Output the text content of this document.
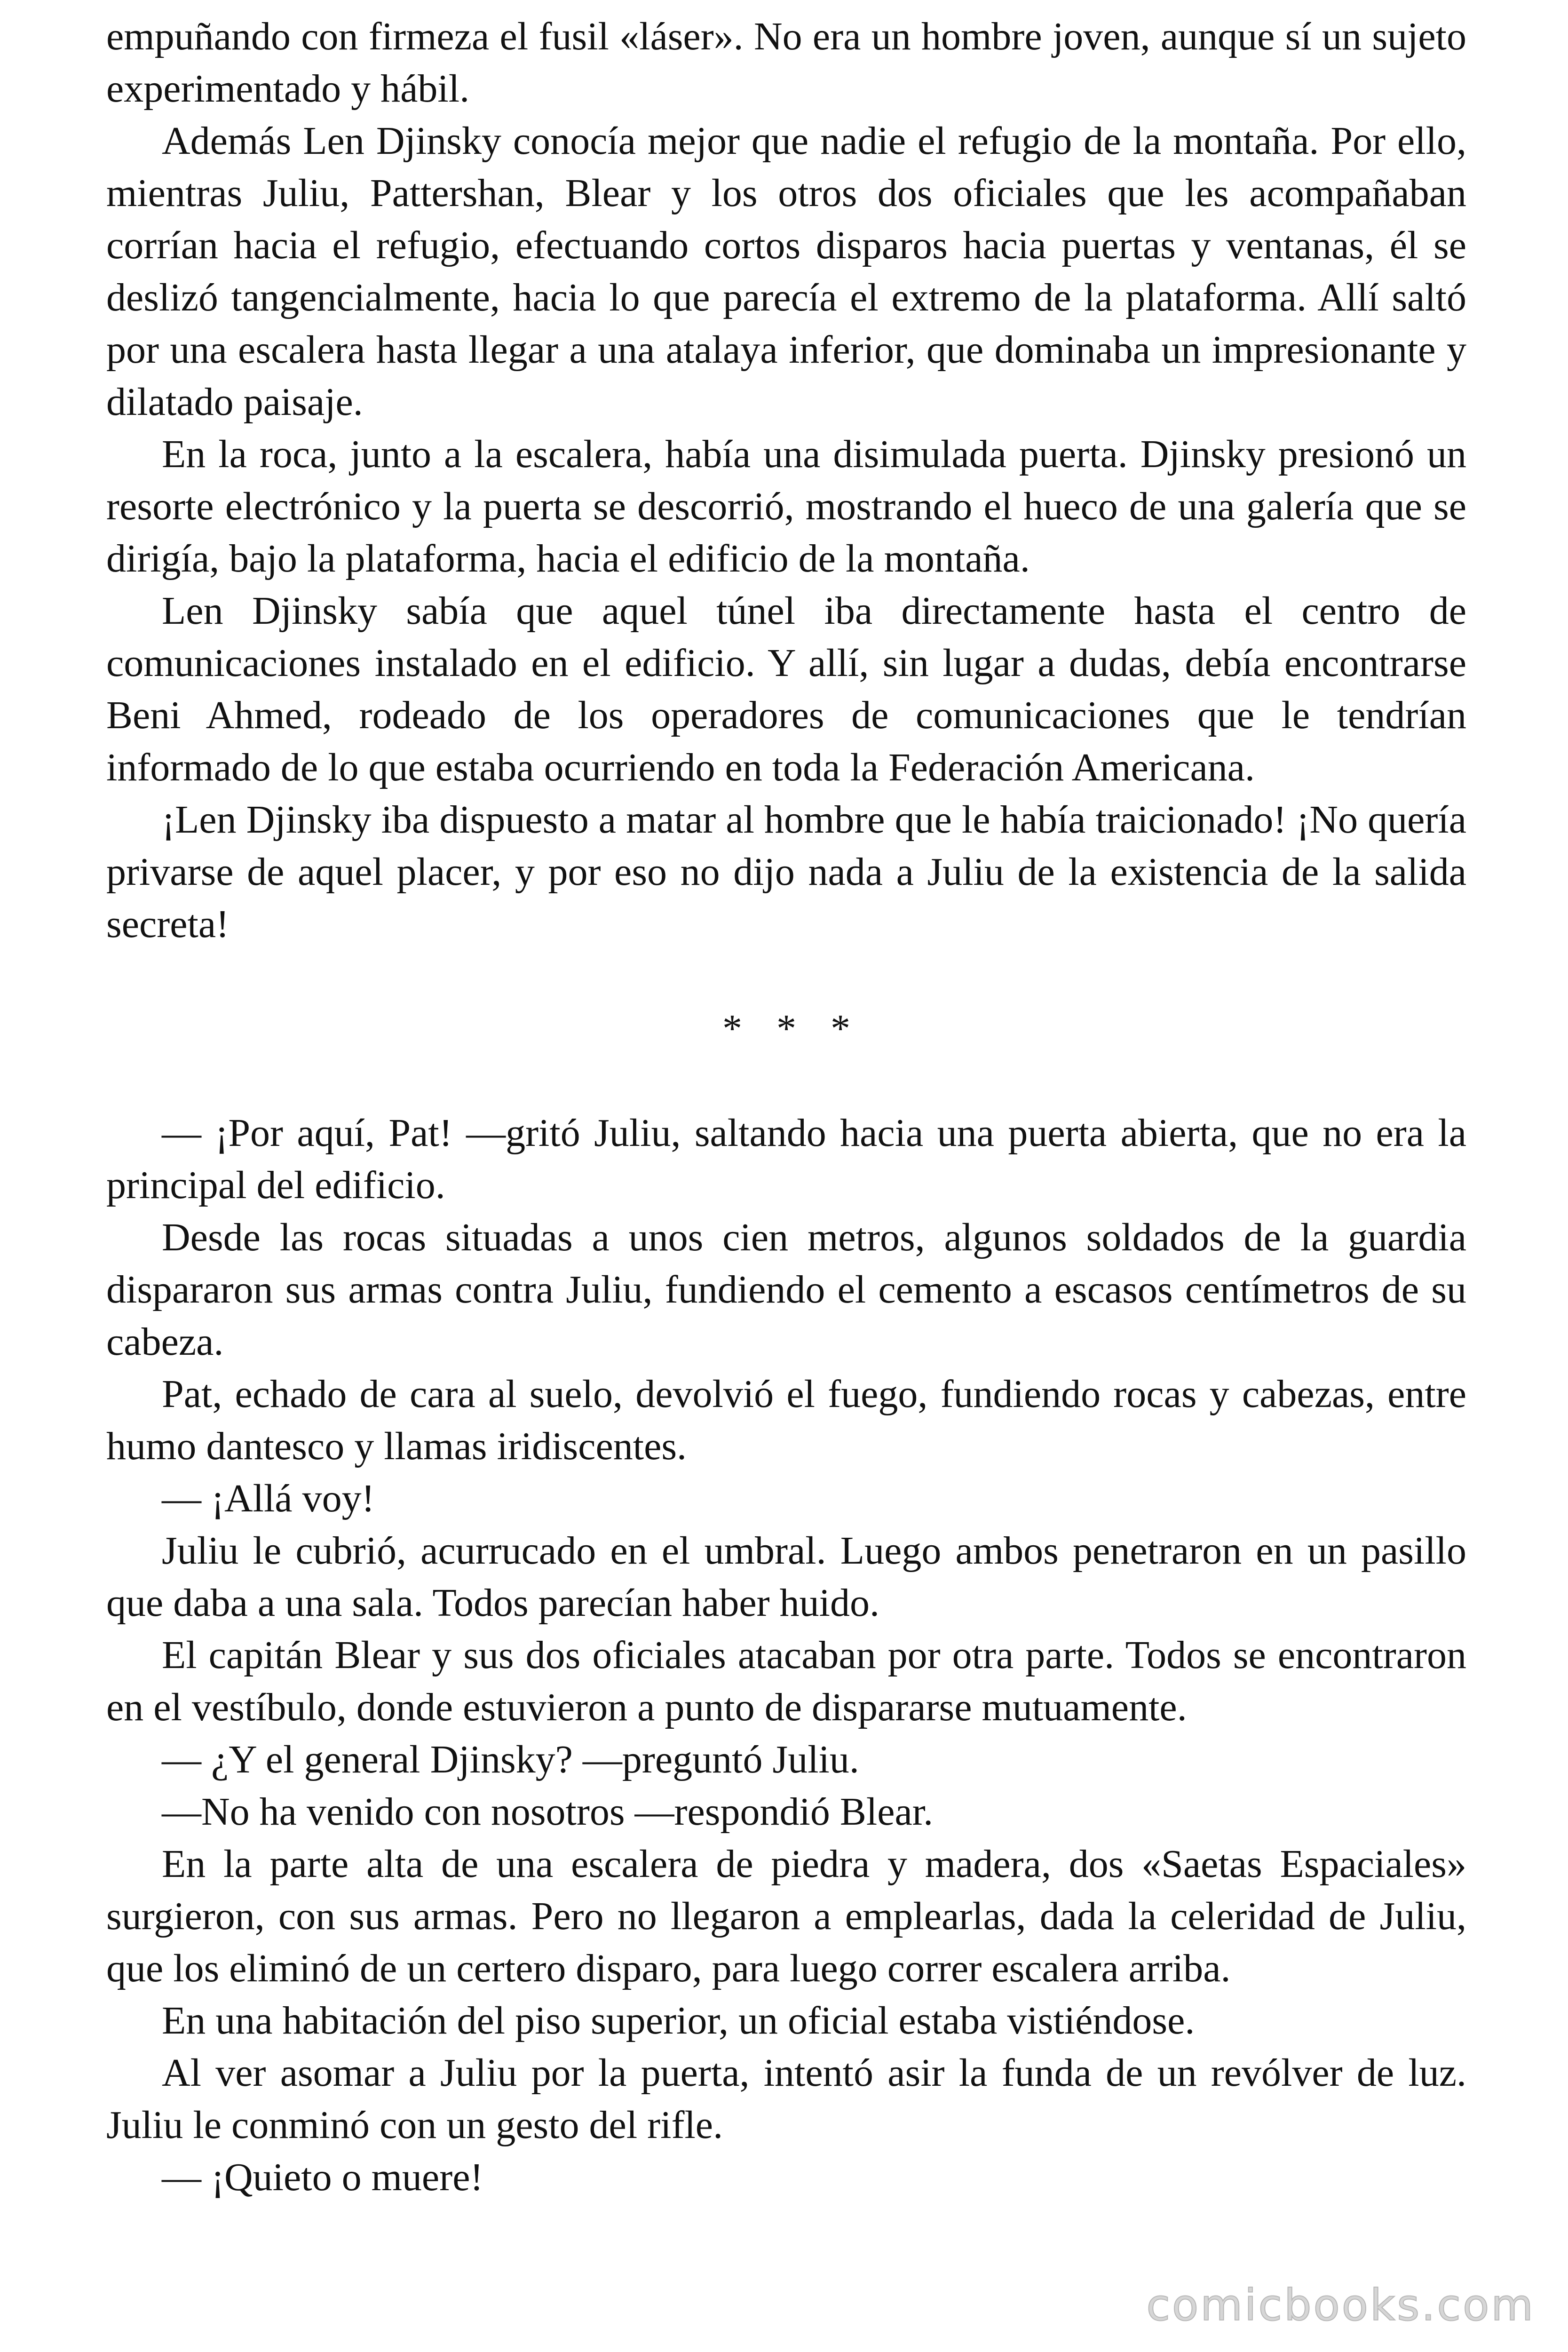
empuñando con firmeza el fusil «láser». No era un hombre joven, aunque sí un sujeto experimentado y hábil.

Además Len Djinsky conocía mejor que nadie el refugio de la montaña. Por ello, mientras Juliu, Pattershan, Blear y los otros dos oficiales que les acompañaban corrían hacia el refugio, efectuando cortos disparos hacia puertas y ventanas, él se deslizó tangencialmente, hacia lo que parecía el extremo de la plataforma. Allí saltó por una escalera hasta llegar a una atalaya inferior, que dominaba un impresionante y dilatado paisaje.

En la roca, junto a la escalera, había una disimulada puerta. Djinsky presionó un resorte electrónico y la puerta se descorrió, mostrando el hueco de una galería que se dirigía, bajo la plataforma, hacia el edificio de la montaña.

Len Djinsky sabía que aquel túnel iba directamente hasta el centro de comunicaciones instalado en el edificio. Y allí, sin lugar a dudas, debía encontrarse Beni Ahmed, rodeado de los operadores de comunicaciones que le tendrían informado de lo que estaba ocurriendo en toda la Federación Americana.

¡Len Djinsky iba dispuesto a matar al hombre que le había traicionado! ¡No quería privarse de aquel placer, y por eso no dijo nada a Juliu de la existencia de la salida secreta!

* * *

— ¡Por aquí, Pat! —gritó Juliu, saltando hacia una puerta abierta, que no era la principal del edificio.

Desde las rocas situadas a unos cien metros, algunos soldados de la guardia dispararon sus armas contra Juliu, fundiendo el cemento a escasos centímetros de su cabeza.

Pat, echado de cara al suelo, devolvió el fuego, fundiendo rocas y cabezas, entre humo dantesco y llamas iridiscentes.

— ¡Allá voy!

Juliu le cubrió, acurrucado en el umbral. Luego ambos penetraron en un pasillo que daba a una sala. Todos parecían haber huido.

El capitán Blear y sus dos oficiales atacaban por otra parte. Todos se encontraron en el vestíbulo, donde estuvieron a punto de dispararse mutuamente.

— ¿Y el general Djinsky? —preguntó Juliu.

—No ha venido con nosotros —respondió Blear.

En la parte alta de una escalera de piedra y madera, dos «Saetas Espaciales» surgieron, con sus armas. Pero no llegaron a emplearlas, dada la celeridad de Juliu, que los eliminó de un certero disparo, para luego correr escalera arriba.

En una habitación del piso superior, un oficial estaba vistiéndose.

Al ver asomar a Juliu por la puerta, intentó asir la funda de un revólver de luz. Juliu le conminó con un gesto del rifle.

— ¡Quieto o muere!

comicbooks.com
